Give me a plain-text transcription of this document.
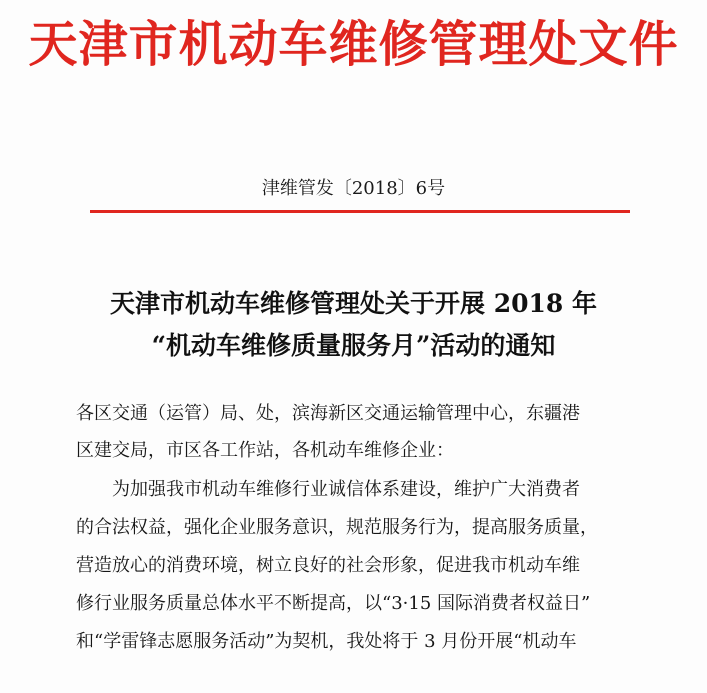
天津市机动车维修管理处文件
津维管发〔2018〕6号
天津市机动车维修管理处关于开展 2018 年
“机动车维修质量服务月”活动的通知
各区交通（运管）局、处，滨海新区交通运输管理中心，东疆港
区建交局，市区各工作站，各机动车维修企业：
　　为加强我市机动车维修行业诚信体系建设，维护广大消费者
的合法权益，强化企业服务意识，规范服务行为，提高服务质量，
营造放心的消费环境，树立良好的社会形象，促进我市机动车维
修行业服务质量总体水平不断提高，以“3·15 国际消费者权益日”
和“学雷锋志愿服务活动”为契机，我处将于 3 月份开展“机动车
